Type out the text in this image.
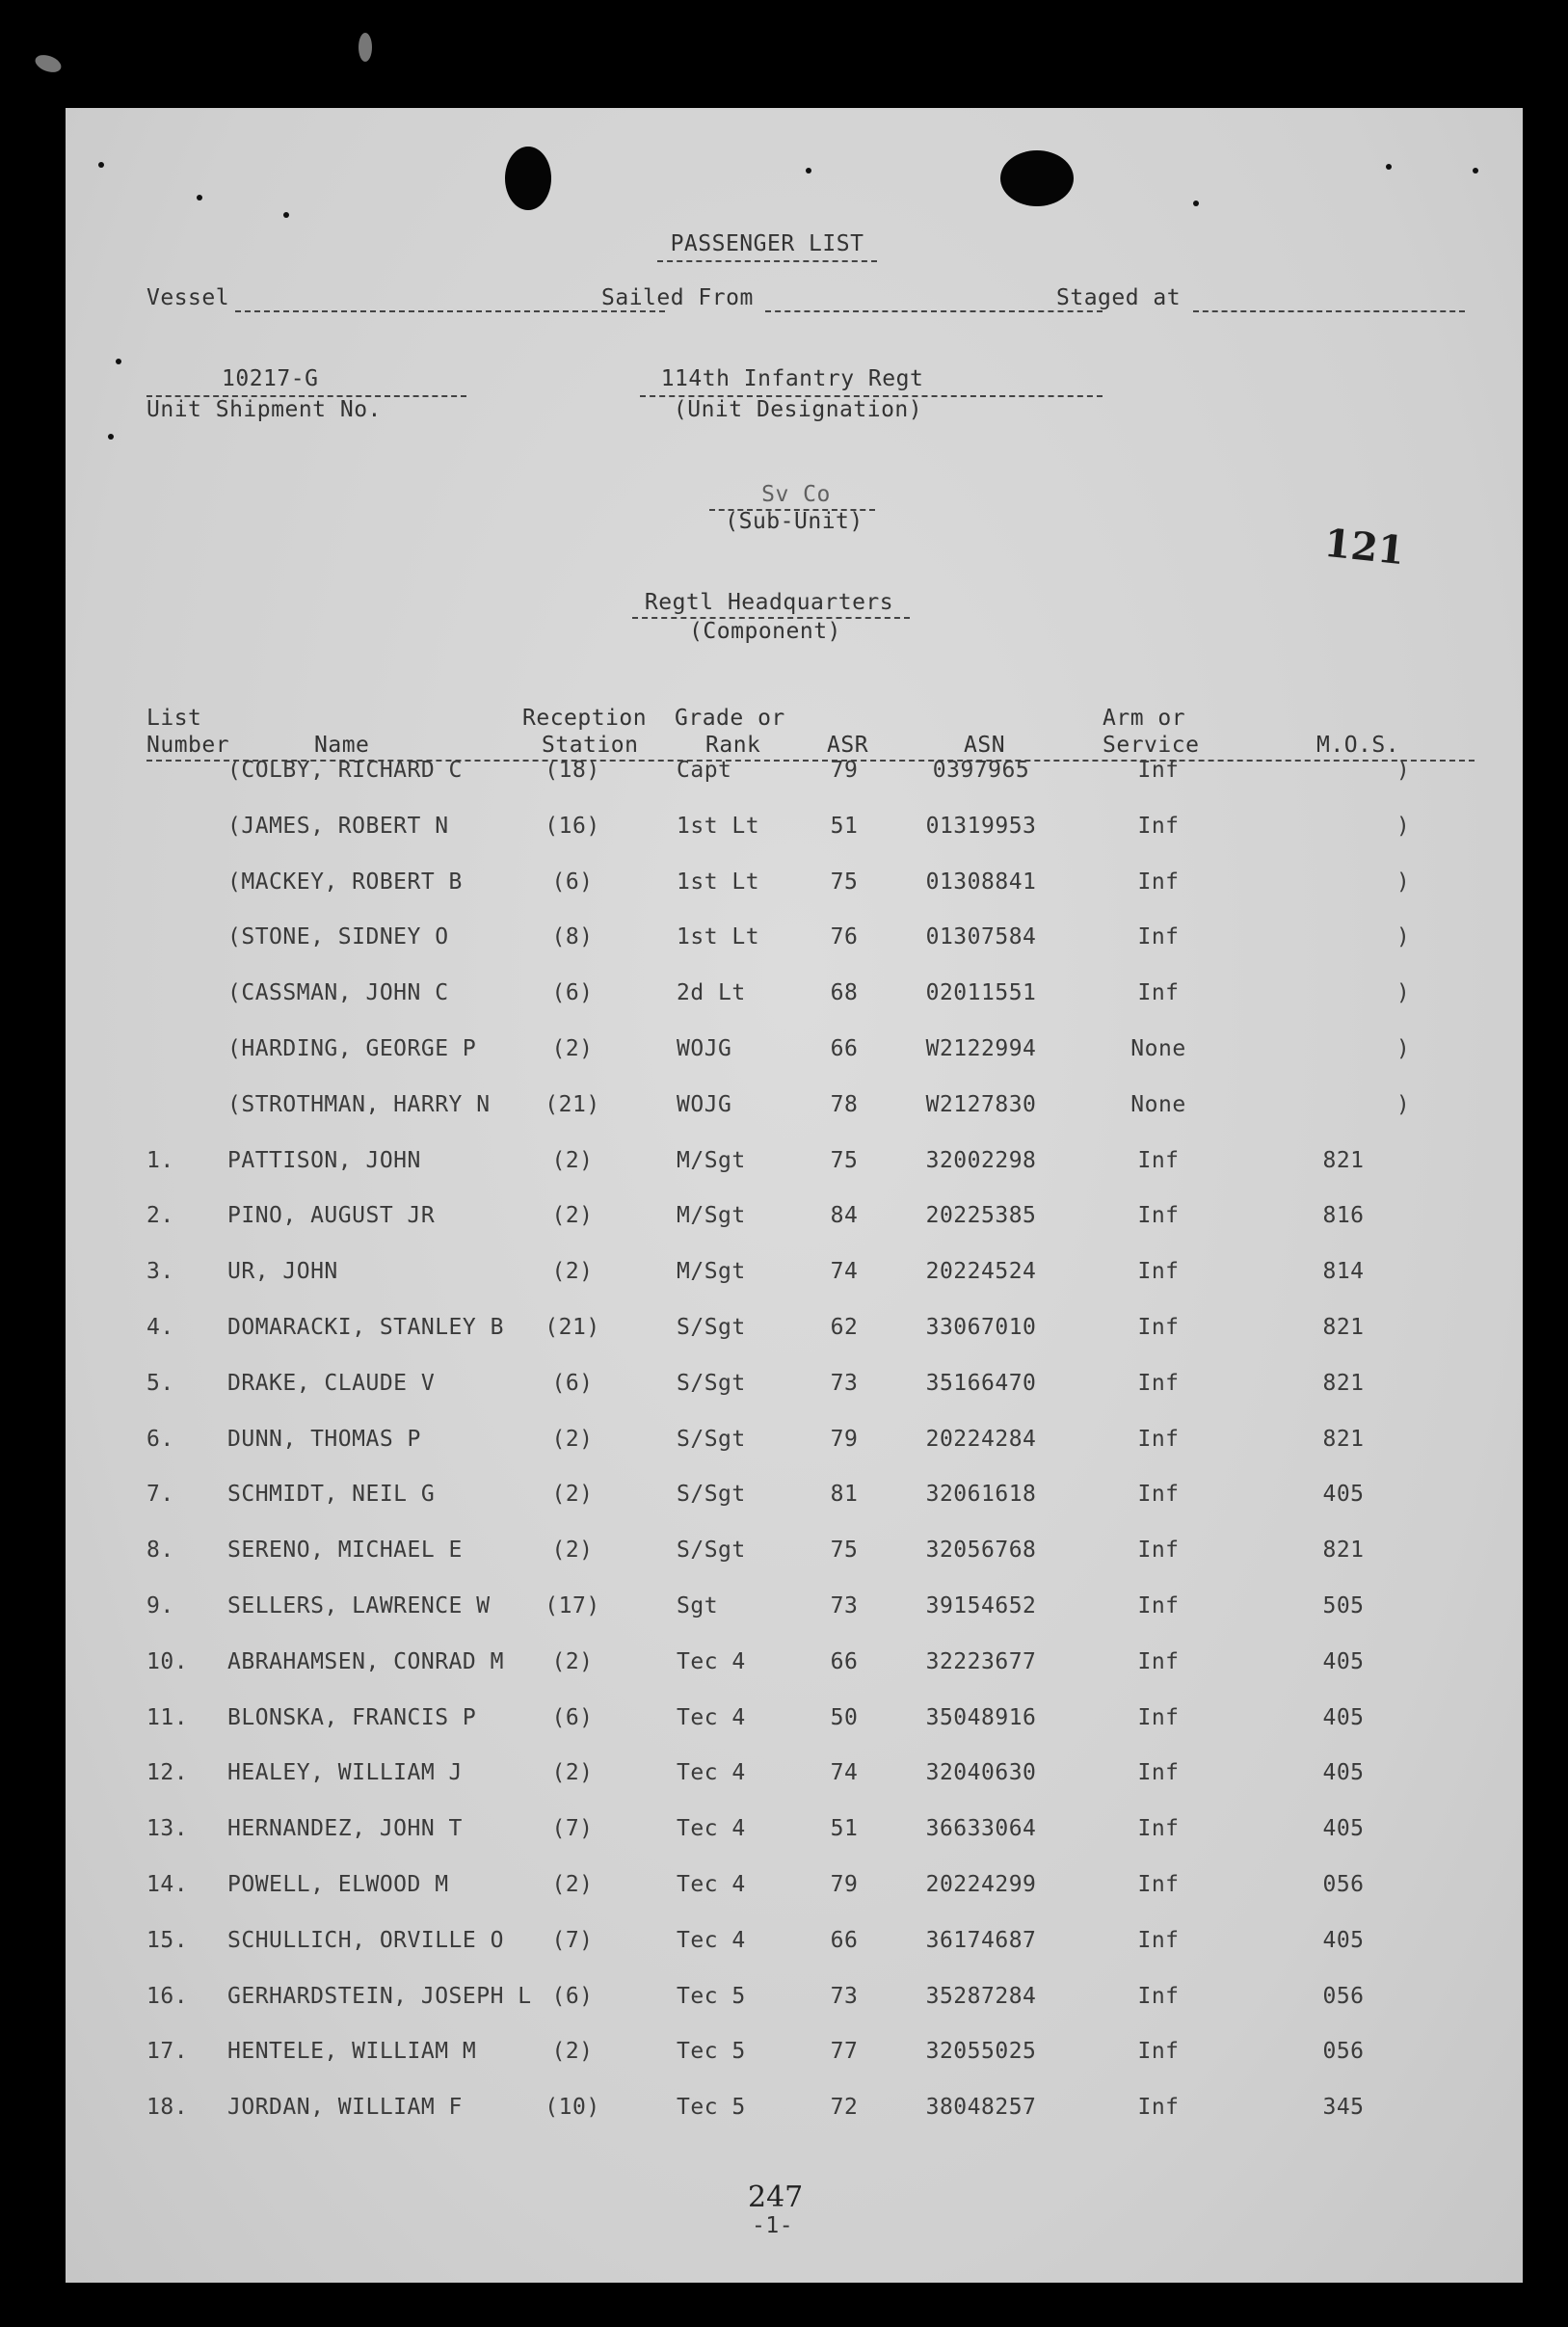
PASSENGER LIST
Vessel	Sailed From	Staged at
10217-G
Unit Shipment No.
114th Infantry Regt
(Unit Designation)
Sv Co
(Sub-Unit)	121
Regtl Headquarters
(Component)
List
Number	Name
Reception
Station
Grade or
Rank	ASR	ASN
Arm or
Service	M.O.S.
(COLBY, RICHARD C	(18)	Capt	79	0397965	Inf	)
(JAMES, ROBERT N	(16)	1st Lt	51	01319953	Inf	)
(MACKEY, ROBERT B	(6)	1st Lt	75	01308841	Inf	)
(STONE, SIDNEY O	(8)	1st Lt	76	01307584	Inf	)
(CASSMAN, JOHN C	(6)	2d Lt	68	02011551	Inf	)
(HARDING, GEORGE P	(2)	WOJG	66	W2122994	None	)
(STROTHMAN, HARRY N (21)	WOJG	78	W2127830	None	)
1. PATTISON, JOHN	(2)	M/Sgt	75	32002298	Inf	821
2. PINO, AUGUST JR	(2)	M/Sgt	84	20225385	Inf	816
3. UR, JOHN	(2)	M/Sgt	74	20224524	Inf	814
4. DOMARACKI, STANLEY B (21)	S/Sgt	62	33067010	Inf	821
5. DRAKE, CLAUDE V	(6)	S/Sgt	73	35166470	Inf	821
6. DUNN, THOMAS P	(2)	S/Sgt	79	20224284	Inf	821
7. SCHMIDT, NEIL G	(2)	S/Sgt	81	32061618	Inf	405
8. SERENO, MICHAEL E	(2)	S/Sgt	75	32056768	Inf	821
9. SELLERS, LAWRENCE W (17)	Sgt	73	39154652	Inf	505
10. ABRAHAMSEN, CONRAD M (2)	Tec 4	66	32223677	Inf	405
11. BLONSKA, FRANCIS P	(6)	Tec 4	50	35048916	Inf	405
12. HEALEY, WILLIAM J	(2)	Tec 4	74	32040630	Inf	405
13. HERNANDEZ, JOHN T	(7)	Tec 4	51	36633064	Inf	405
14. POWELL, ELWOOD M	(2)	Tec 4	79	20224299	Inf	056
15. SCHULLICH, ORVILLE O (7)	Tec 4	66	36174687	Inf	405
16. GERHARDSTEIN, JOSEPH L (6)	Tec 5	73	35287284	Inf	056
17. HENTELE, WILLIAM M	(2)	Tec 5	77	32055025	Inf	056
18. JORDAN, WILLIAM F	(10)	Tec 5	72	38048257	Inf	345
247
-1-
